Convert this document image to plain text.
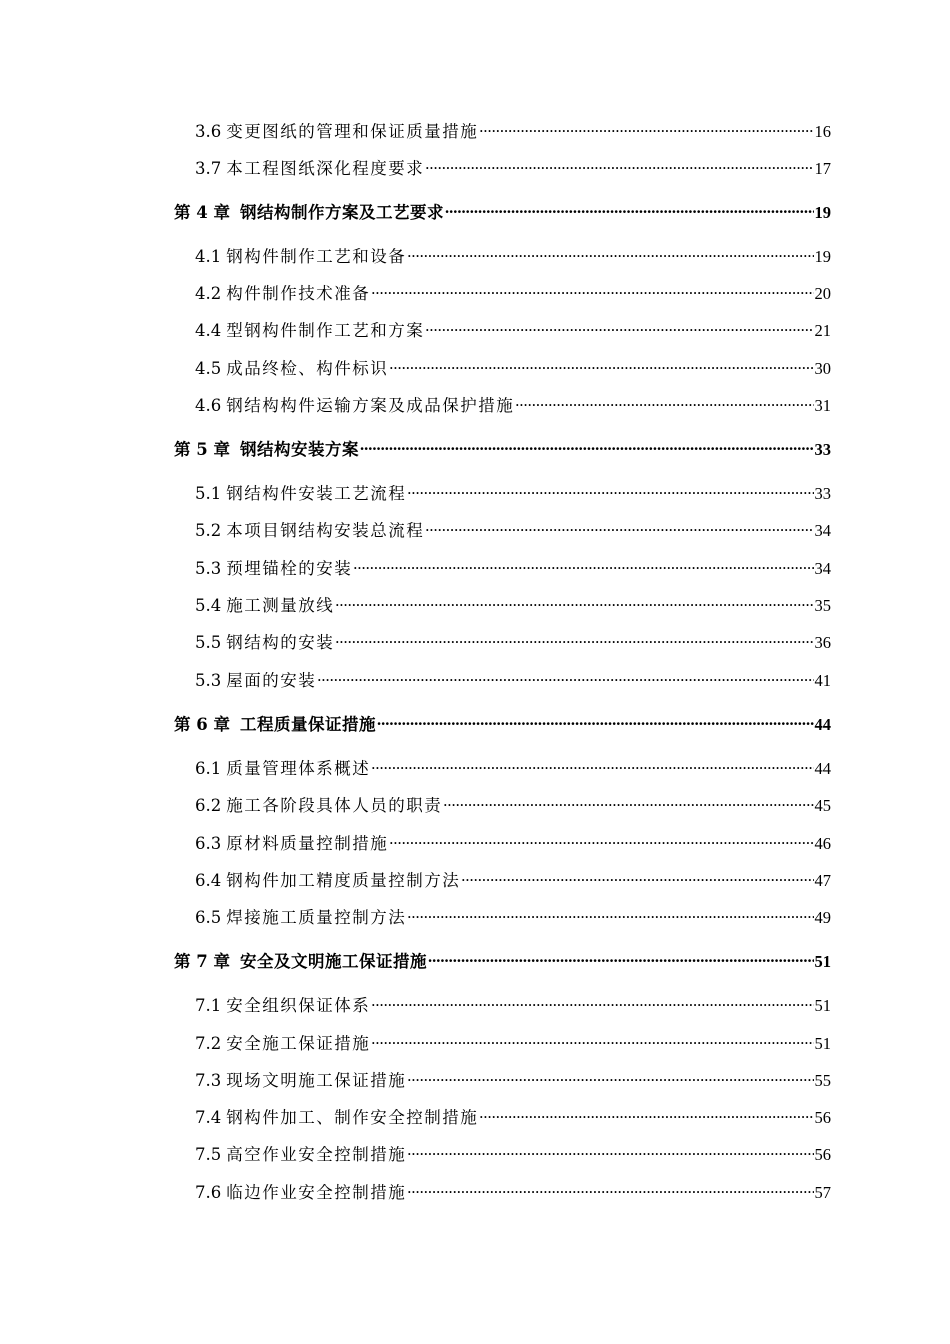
3.6 变更图纸的管理和保证质量措施 .....	16
3.7 本工程图纸深化程度要求 .....	17
第 4 章 钢结构制作方案及工艺要求 .....	19
4.1 钢构件制作工艺和设备 .....	19
4.2 构件制作技术准备 .....	20
4.4 型钢构件制作工艺和方案 .....	21
4.5 成品终检、构件标识 .....	30
4.6 钢结构构件运输方案及成品保护措施 .....	31
第 5 章 钢结构安装方案 .....	33
5.1 钢结构件安装工艺流程 .....	33
5.2 本项目钢结构安装总流程 .....	34
5.3 预埋锚栓的安装 .....	34
5.4 施工测量放线 .....	35
5.5 钢结构的安装 .....	36
5.3 屋面的安装 .....	41
第 6 章 工程质量保证措施 .....	44
6.1 质量管理体系概述 .....	44
6.2 施工各阶段具体人员的职责 .....	45
6.3 原材料质量控制措施 .....	46
6.4 钢构件加工精度质量控制方法 .....	47
6.5 焊接施工质量控制方法 .....	49
第 7 章 安全及文明施工保证措施 .....	51
7.1 安全组织保证体系 .....	51
7.2 安全施工保证措施 .....	51
7.3 现场文明施工保证措施 .....	55
7.4 钢构件加工、制作安全控制措施 .....	56
7.5 高空作业安全控制措施 .....	56
7.6 临边作业安全控制措施 .....	57
